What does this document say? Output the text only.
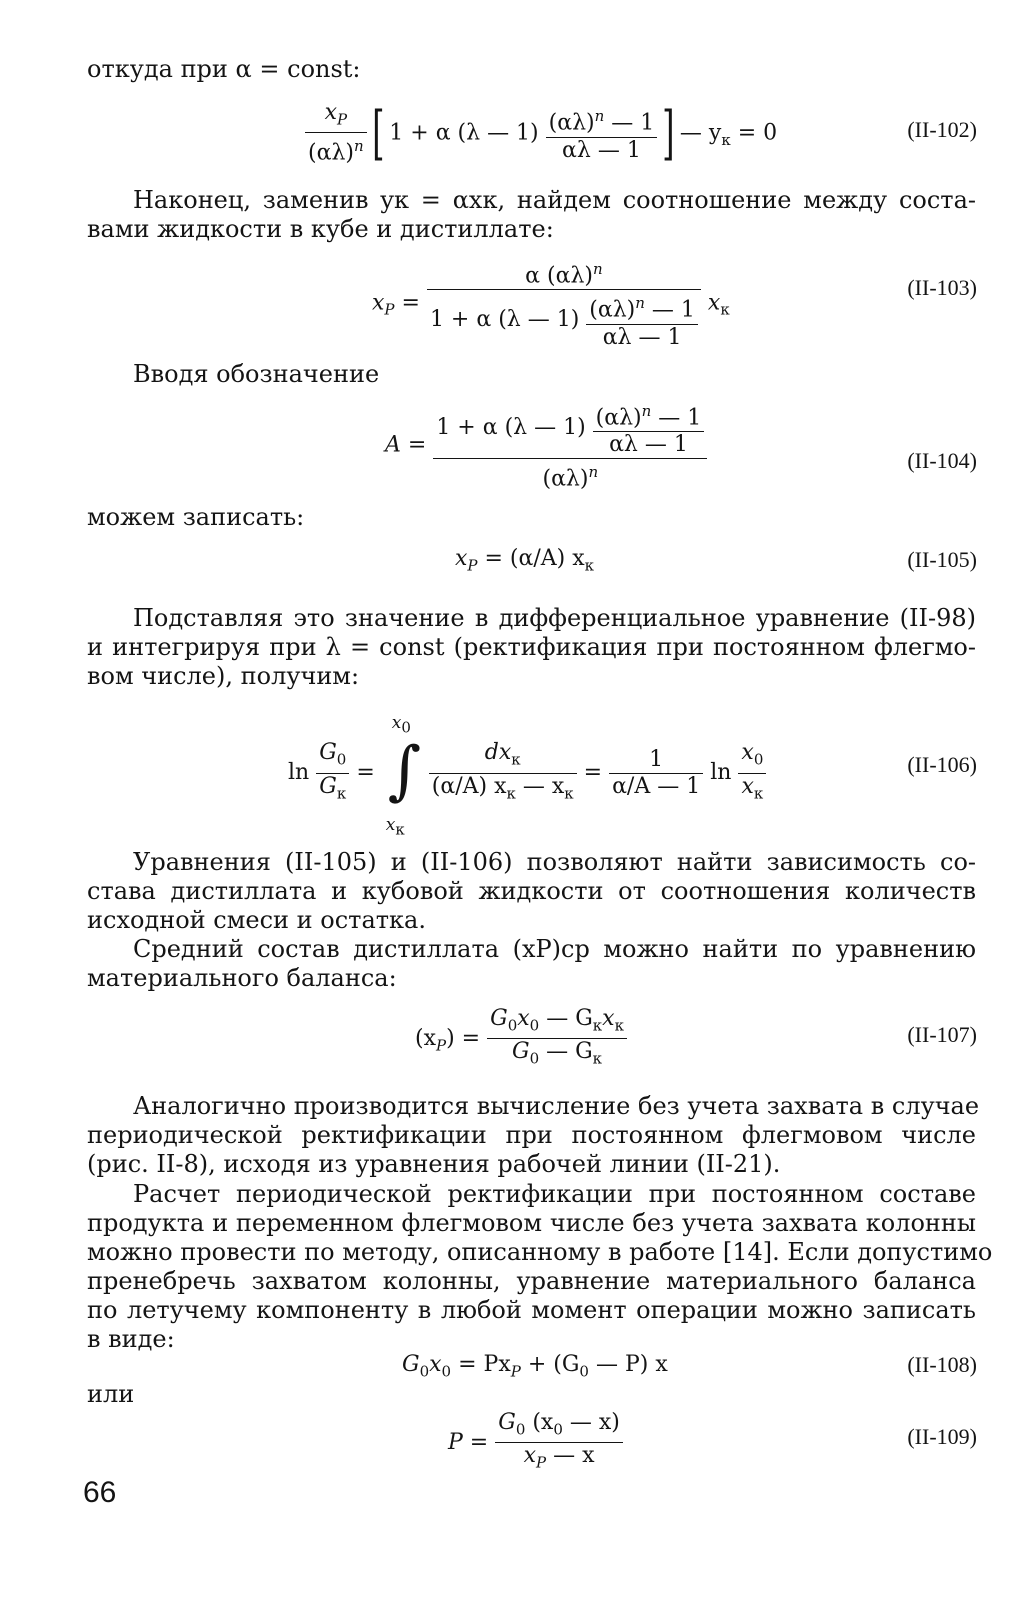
откуда при α = const:
$\frac{x_P}{(\alpha\lambda)^n}$ [ 1 + α (λ — $1) \frac{(\alpha\lambda)^n — 1}{\alpha\lambda — 1}$ ] — $y_к = 0$	(II-102)
Наконец, заменив yк = αxк, найдем соотношение между соста-
вами жидкости в кубе и дистиллате:
$x_P = \frac{\alpha (\alpha\lambda)^n}{1 + \alpha (\lambda — 1) \frac{(\alpha\lambda)^n — 1}{\alpha\lambda — 1}} x_к$
(II-103)
Вводя обозначение
$A = \frac{1 + \alpha (\lambda — 1) \frac{(\alpha\lambda)^n — 1}{\alpha\lambda — 1}}{(\alpha\lambda)^n}$	(II-104)
можем записать:
$x_P = (\alpha/A)$ $x_к$	(II-105)
Подставляя это значение в дифференциальное уравнение (II-98)
и интегрируя при λ = const (ректификация при постоянном флегмо-
вом числе), получим:
$\ln \frac{G_0}{G_к}$ =
$x_0$
∫
$x_к$

$\frac{dx_к}{(\alpha/A) x_к — x_к} = \frac{1}{\alpha/A — 1}$ $\ln \frac{x_0}{x_к}$	(II-106)
Уравнения (II-105) и (II-106) позволяют найти зависимость со-
става дистиллата и кубовой жидкости от соотношения количеств
исходной смеси и остатка.
Средний состав дистиллата (xP)ср можно найти по уравнению
материального баланса:
$(x_P) = \frac{G_0x_0 — G_кx_к}{G_0 — G_к}$	(II-107)
Аналогично производится вычисление без учета захвата в случае
периодической ректификации при постоянном флегмовом числе
(рис. II-8), исходя из уравнения рабочей линии (II-21).
Расчет периодической ректификации при постоянном составе
продукта и переменном флегмовом числе без учета захвата колонны
можно провести по методу, описанному в работе [14]. Если допустимо
пренебречь захватом колонны, уравнение материального баланса
по летучему компоненту в любой момент операции можно записать
в виде:
$G_0x_0 = Px_P + (G_0$ — P) x	(II-108)
или
$P = \frac{G_0 (x_0 — x)}{x_P — x}$	(II-109)
66
